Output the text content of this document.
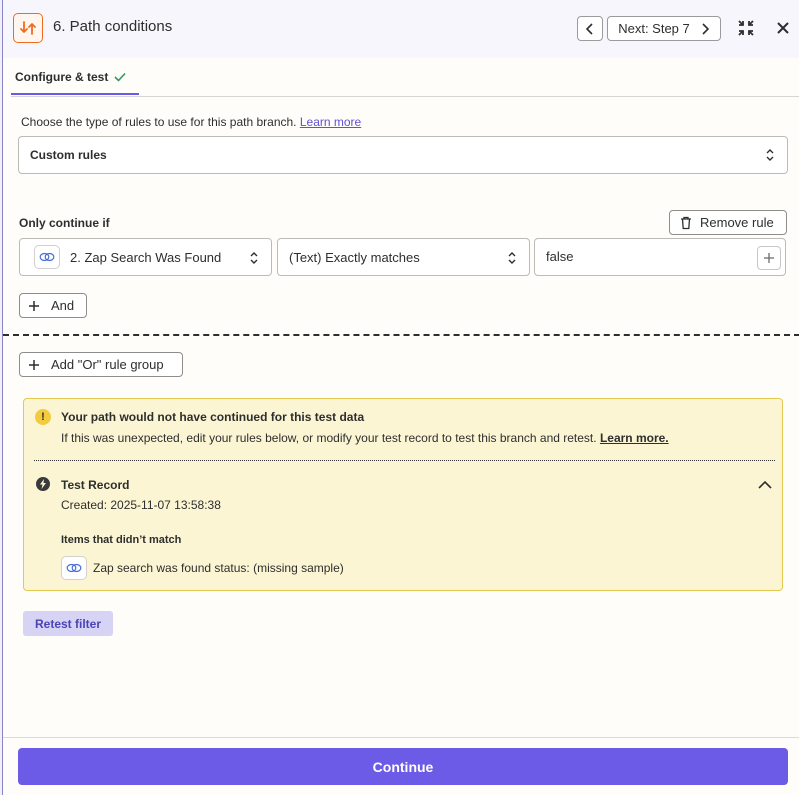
6. Path conditions	Next: Step 7
Configure & test
Choose the type of rules to use for this path branch. Learn more
Custom rules
Only continue if	Remove rule
2. Zap Search Was Found	(Text) Exactly matches	false
And
Add "Or" rule group
!	Your path would not have continued for this test data
If this was unexpected, edit your rules below, or modify your test record to test this branch and retest. Learn more.
Test Record
Created: 2025-11-07 13:58:38
Items that didn’t match
Zap search was found status: (missing sample)
Retest filter
Continue
